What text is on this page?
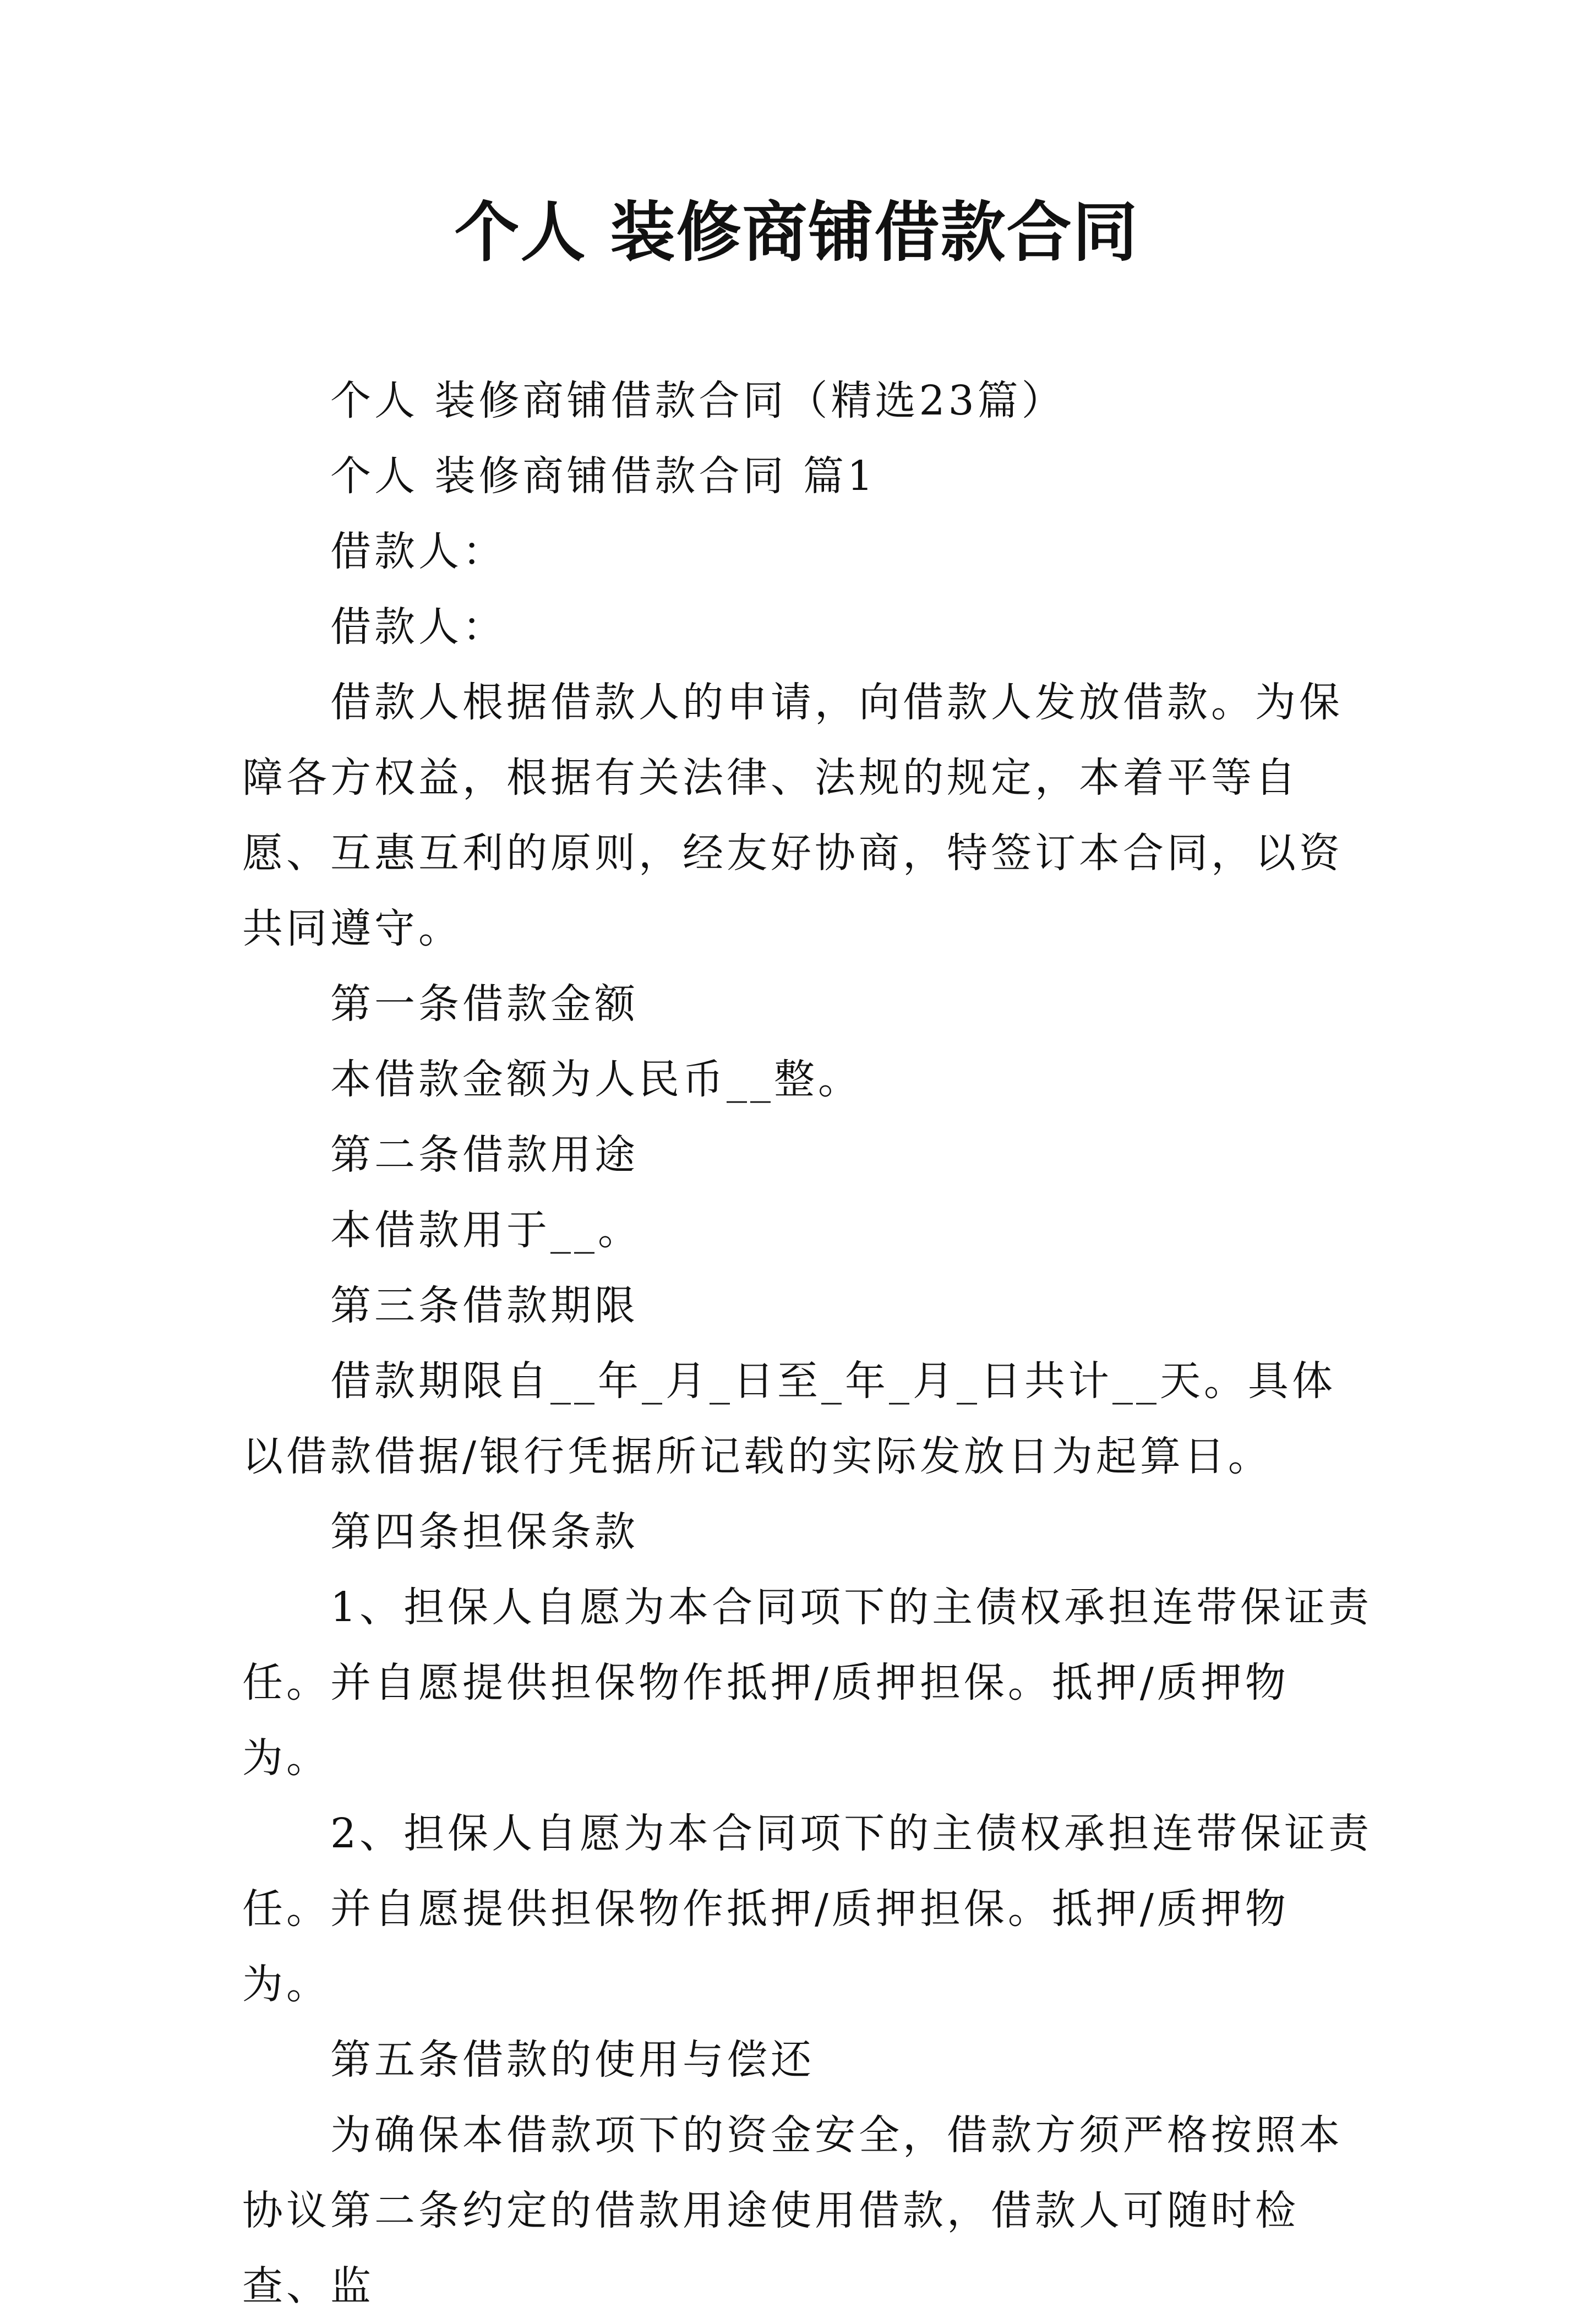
个人 装修商铺借款合同

个人 装修商铺借款合同（精选23篇）

个人 装修商铺借款合同 篇1

借款人：

借款人：

借款人根据借款人的申请，向借款人发放借款。为保障各方权益，根据有关法律、法规的规定，本着平等自愿、互惠互利的原则，经友好协商，特签订本合同，以资共同遵守。

第一条借款金额

本借款金额为人民币__整。

第二条借款用途

本借款用于__。

第三条借款期限

借款期限自__年_月_日至_年_月_日共计__天。具体以借款借据/银行凭据所记载的实际发放日为起算日。

第四条担保条款

1、担保人自愿为本合同项下的主债权承担连带保证责任。并自愿提供担保物作抵押/质押担保。抵押/质押物为。

2、担保人自愿为本合同项下的主债权承担连带保证责任。并自愿提供担保物作抵押/质押担保。抵押/质押物为。

第五条借款的使用与偿还

为确保本借款项下的资金安全，借款方须严格按照本协议第二条约定的借款用途使用借款，借款人可随时检查、监
